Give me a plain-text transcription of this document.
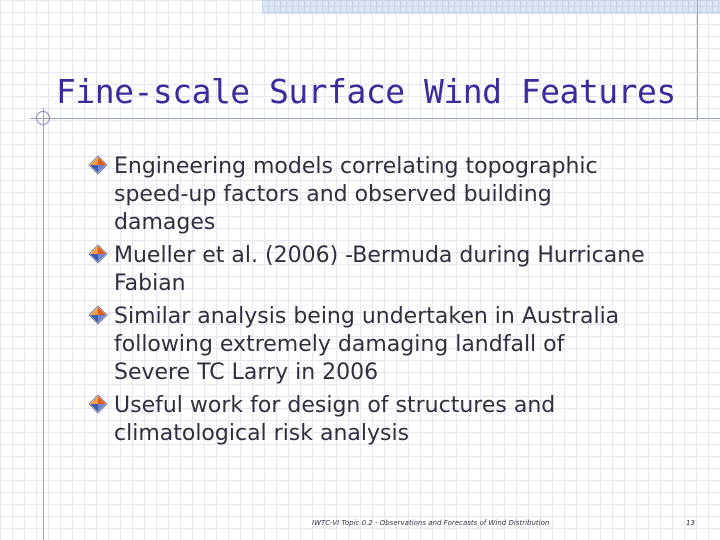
Fine-scale Surface Wind Features
Engineering models correlating topographic speed-up factors and observed building damages
Mueller et al. (2006) -Bermuda during Hurricane Fabian
Similar analysis being undertaken in Australia following extremely damaging landfall of Severe TC Larry in 2006
Useful work for design of structures and climatological risk analysis
IWTC-VI Topic 0.2 - Observations and Forecasts of Wind Distribution	13
